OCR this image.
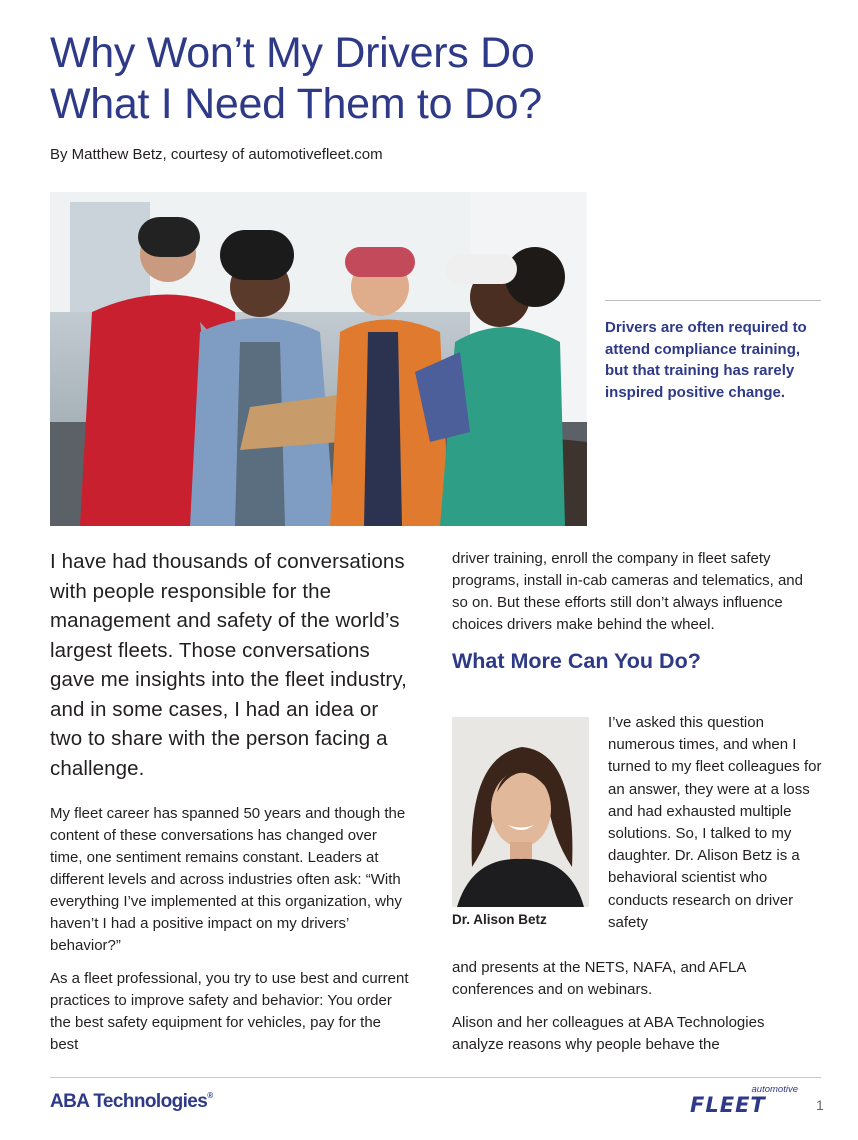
Why Won’t My Drivers Do
What I Need Them to Do?
By Matthew Betz, courtesy of automotivefleet.com
Drivers are often required to attend compliance training, but that training has rarely inspired positive change.

I have had thousands of conversations with people responsible for the management and safety of the world’s largest fleets. Those conversations gave me insights into the fleet industry, and in some cases, I had an idea or two to share with the person facing a challenge.

My fleet career has spanned 50 years and though the content of these conversations has changed over time, one sentiment remains constant. Leaders at different levels and across industries often ask: “With everything I’ve implemented at this organization, why haven’t I had a positive impact on my drivers’ behavior?”

As a fleet professional, you try to use best and current practices to improve safety and behavior: You order the best safety equipment for vehicles, pay for the best

driver training, enroll the company in fleet safety programs, install in-cab cameras and telematics, and so on. But these efforts still don’t always influence choices drivers make behind the wheel.

What More Can You Do?
Dr. Alison Betz

I’ve asked this question numerous times, and when I turned to my fleet colleagues for an answer, they were at a loss and had exhausted multiple solutions. So, I talked to my daughter. Dr. Alison Betz is a behavioral scientist who conducts research on driver safety

and presents at the NETS, NAFA, and AFLA conferences and on webinars.

Alison and her colleagues at ABA Technologies analyze reasons why people behave the

ABA Technologies®
automotive
FLEET	1
